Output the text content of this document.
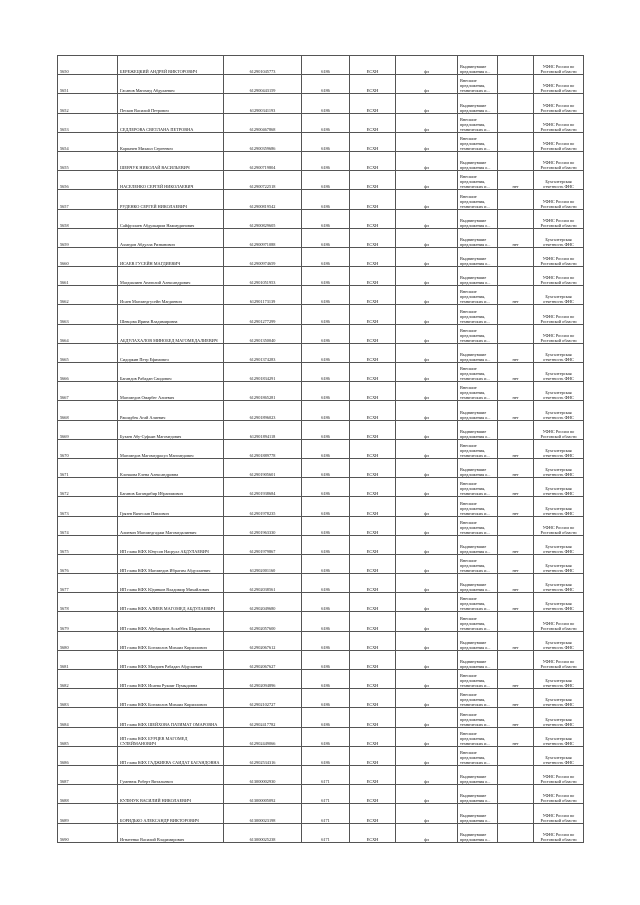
5650	БЕРЕЖЕЦКИЙ АНДРЕЙ ВИКТОРОВИЧ	612901045773	6186	ЕСХН	фл	Выдвинувшие предложения о...		УФНС России по Ростовской области
5651	Гасанов Магомед Абдулаевич	612900443159	6186	ЕСХН	фл	Внесшие предложения, технических и...		УФНС России по Ростовской области
5652	Песков Василий Петрович	612900341193	6186	ЕСХН	фл	Выдвинувшие предложения о...		УФНС России по Ростовской области
5653	СЕДЛЕРОВА СВЕТЛАНА ПЕТРОВНА	612900467868	6186	ЕСХН	фл	Внесшие предложения, технических и...		УФНС России по Ростовской области
5654	Карпачев Михаил Сергеевич	612900359686	6186	ЕСХН	фл	Внесшие предложения, технических и...		УФНС России по Ростовской области
5655	ШЕВЧУК НИКОЛАЙ ВАСИЛЬЕВИЧ	612900719804	6186	ЕСХН	фл	Выдвинувшие предложения о...		УФНС России по Ростовской области
5656	НАСЕЛЕНКО СЕРГЕЙ НИКОЛАЕВИЧ	612900722518	6186	ЕСХН	фл	Внесшие предложения, технических и...	нет	Бухгалтерская отчетность ФНС
5657	РУДЕНКО СЕРГЕЙ НИКОЛАЕВИЧ	612900819542	6186	ЕСХН	фл	Внесшие предложения, технических и...		УФНС России по Ростовской области
5658	Сайфуллаев Абдулкарим Нажмудинович	612900829605	6186	ЕСХН	фл	Выдвинувшие предложения о...		УФНС России по Ростовской области
5659	Ахмедов Абдулла Ризванович	612900971088	6186	ЕСХН	фл	Выдвинувшие предложения о...	нет	Бухгалтерская отчетность ФНС
5660	ИСАЕВ ГУСЕЙН МАГДИЕВИЧ	612900974659	6186	ЕСХН	фл	Выдвинувшие предложения о...		УФНС России по Ростовской области
5661	Магдиалиев Анатолий Александрович	612901051953	6186	ЕСХН	фл	Выдвинувшие предложения о...		УФНС России по Ростовской области
5662	Исаев Магомедгусейн Магдиевич	612901173139	6186	ЕСХН	фл	Внесшие предложения, технических и...	нет	Бухгалтерская отчетность ФНС
5663	Шевцова Ирина Владимировна	612901277299	6186	ЕСХН	фл	Внесшие предложения, технических и...		УФНС России по Ростовской области
5664	АБДУЛАХАЛОВ МИНОБЕД МАГОМЕДАЛИЕВИЧ	612901350040	6186	ЕСХН	фл	Внесшие предложения, технических и...		УФНС России по Ростовской области
5665	Сидоркин Петр Ефимович	612901374283	6186	ЕСХН	фл	Выдвинувшие предложения о...	нет	Бухгалтерская отчетность ФНС
5666	Багандов Рабадан Саидович	612901834291	6186	ЕСХН	фл	Внесшие предложения, технических и...	нет	Бухгалтерская отчетность ФНС
5667	Магомедов Омарбег Алиевич	612901865281	6186	ЕСХН	фл	Внесшие предложения, технических и...	нет	Бухгалтерская отчетность ФНС
5668	Рашидбек Агай Алиевич	612901896023	6186	ЕСХН	фл	Выдвинувшие предложения о...	нет	Бухгалтерская отчетность ФНС
5669	Бузаев Абу-Суфьян Магомедович	612901894118	6186	ЕСХН	фл	Выдвинувшие предложения о...		УФНС России по Ростовской области
5670	Магомедов Магомедрасул Магомедович	612901889778	6186	ЕСХН	фл	Внесшие предложения, технических и...	нет	Бухгалтерская отчетность ФНС
5671	Клочкова Елена Александровна	612901905601	6186	ЕСХН	фл	Выдвинувшие предложения о...	нет	Бухгалтерская отчетность ФНС
5672	Баганов Багандибир Ибрагимович	612901938684	6186	ЕСХН	фл	Внесшие предложения, технических и...	нет	Бухгалтерская отчетность ФНС
5673	Грязев Вячеслав Павлович	612901978235	6186	ЕСХН	фл	Внесшие предложения, технических и...	нет	Бухгалтерская отчетность ФНС
5674	Алиевич Магомедгаджи Магомедалиевич	612901963330	6186	ЕСХН	фл	Внесшие предложения, технических и...		УФНС России по Ростовской области
5675	ИП глава КФХ Юнусов Насрулл АБДУЛАЕВИЧ	612901979867	6186	ЕСХН	фл	Выдвинувшие предложения о...	нет	Бухгалтерская отчетность ФНС
5676	ИП глава КФХ Магомедов Ибрагим Абдуллаевич	612902001160	6186	ЕСХН	фл	Внесшие предложения, технических и...	нет	Бухгалтерская отчетность ФНС
5677	ИП глава КФХ Юдинков Владимир Михайлович	612902038561	6186	ЕСХН	фл	Выдвинувшие предложения о...	нет	Бухгалтерская отчетность ФНС
5678	ИП глава КФХ АЛИЕВ МАГОМЕД АБДУЛАЕВИЧ	612902049680	6186	ЕСХН	фл	Внесшие предложения, технических и...	нет	Бухгалтерская отчетность ФНС
5679	ИП глава КФХ Абубакаров Асхаббек Шарапович	612902057600	6186	ЕСХН	фл	Внесшие предложения, технических и...		УФНС России по Ростовской области
5680	ИП глава КФХ Богомолов Михаил Кириллович	612902067612	6186	ЕСХН	фл	Выдвинувшие предложения о...	нет	Бухгалтерская отчетность ФНС
5681	ИП глава КФХ Магдиев Рабадан Абдулаевич	612902067627	6186	ЕСХН	фл	Выдвинувшие предложения о...		УФНС России по Ростовской области
5682	ИП глава КФХ Исаева Рукият Пумыдовна	612902094896	6186	ЕСХН	фл	Внесшие предложения, технических и...	нет	Бухгалтерская отчетность ФНС
5683	ИП глава КФХ Богомолов Михаил Кириллович	612902102727	6186	ЕСХН	фл	Внесшие предложения, технических и...	нет	Бухгалтерская отчетность ФНС
5684	ИП глава КФХ ШЕЙХОВА ПАТИМАТ ОМАРОВНА	612902417782	6186	ЕСХН	фл	Внесшие предложения, технических и...	нет	Бухгалтерская отчетность ФНС
5685	ИП глава КФХ БУРЦЕВ МАГОМЕД СУЛЕЙМАНОВИЧ	612902449066	6186	ЕСХН	фл	Внесшие предложения, технических и...	нет	Бухгалтерская отчетность ФНС
5686	ИП глава КФХ ГАДЖИЕВА САИДАТ БАГАНДОВНА	612902534316	6186	ЕСХН	фл	Внесшие предложения, технических и...		Бухгалтерская отчетность ФНС
5687	Гуменюк Роберт Витальевич	613000002930	6171	ЕСХН	фл	Выдвинувшие предложения о...		УФНС России по Ростовской области
5688	КУЛЬЧУК ВАСИЛИЙ НИКОЛАЕВИЧ	613000005092	6171	ЕСХН	фл	Выдвинувшие предложения о...		УФНС России по Ростовской области
5689	БОРИДЬКО АЛЕКСАНДР ВИКТОРОВИЧ	613000023198	6171	ЕСХН	фл	Выдвинувшие предложения о...		УФНС России по Ростовской области
5690	Игнатенко Василий Владимирович	613000025238	6171	ЕСХН	фл	Выдвинувшие предложения о...		УФНС России по Ростовской области
